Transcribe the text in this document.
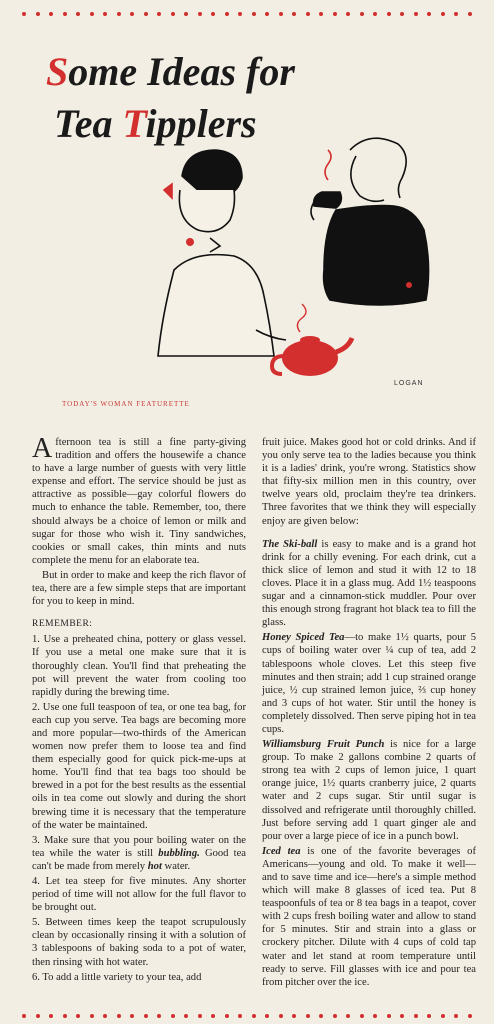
Some Ideas for
Tea Tipplers
LOGAN
TODAY'S WOMAN FEATURETTE

Afternoon tea is still a fine party-giving tradition and offers the housewife a chance to have a large number of guests with very little expense and effort. The service should be just as attractive as possible—gay colorful flowers do much to enhance the table. Remember, too, there should always be a choice of lemon or milk and sugar for those who wish it. Tiny sandwiches, cookies or small cakes, thin mints and nuts complete the menu for an elaborate tea.

But in order to make and keep the rich flavor of tea, there are a few simple steps that are important for you to keep in mind.

REMEMBER:

1. Use a preheated china, pottery or glass vessel. If you use a metal one make sure that it is thoroughly clean. You'll find that preheating the pot will prevent the water from cooling too rapidly during the brewing time.

2. Use one full teaspoon of tea, or one tea bag, for each cup you serve. Tea bags are becoming more and more popular—two-thirds of the American women now prefer them to loose tea and find them especially good for quick pick-me-ups at home. You'll find that tea bags too should be brewed in a pot for the best results as the essential oils in tea come out slowly and during the short brewing time it is necessary that the temperature of the water be maintained.

3. Make sure that you pour boiling water on the tea while the water is still bubbling. Good tea can't be made from merely hot water.

4. Let tea steep for five minutes. Any shorter period of time will not allow for the full flavor to be brought out.

5. Between times keep the teapot scrupulously clean by occasionally rinsing it with a solution of 3 tablespoons of baking soda to a pot of water, then rinsing with hot water.

6. To add a little variety to your tea, add

fruit juice. Makes good hot or cold drinks. And if you only serve tea to the ladies because you think it is a ladies' drink, you're wrong. Statistics show that fifty-six million men in this country, over twelve years old, proclaim they're tea drinkers. Three favorites that we think they will especially enjoy are given below:

The Ski-ball is easy to make and is a grand hot drink for a chilly evening. For each drink, cut a thick slice of lemon and stud it with 12 to 18 cloves. Place it in a glass mug. Add 1½ teaspoons sugar and a cinnamon-stick muddler. Pour over this enough strong fragrant hot black tea to fill the glass.

Honey Spiced Tea—to make 1½ quarts, pour 5 cups of boiling water over ¼ cup of tea, add 2 tablespoons whole cloves. Let this steep five minutes and then strain; add 1 cup strained orange juice, ½ cup strained lemon juice, ⅔ cup honey and 3 cups of hot water. Stir until the honey is completely dissolved. Then serve piping hot in tea cups.

Williamsburg Fruit Punch is nice for a large group. To make 2 gallons combine 2 quarts of strong tea with 2 cups of lemon juice, 1 quart orange juice, 1½ quarts cranberry juice, 2 quarts water and 2 cups sugar. Stir until sugar is dissolved and refrigerate until thoroughly chilled. Just before serving add 1 quart ginger ale and pour over a large piece of ice in a punch bowl.

Iced tea is one of the favorite beverages of Americans—young and old. To make it well—and to save time and ice—here's a simple method which will make 8 glasses of iced tea. Put 8 teaspoonfuls of tea or 8 tea bags in a teapot, cover with 2 cups fresh boiling water and allow to stand for 5 minutes. Stir and strain into a glass or crockery pitcher. Dilute with 4 cups of cold tap water and let stand at room temperature until ready to serve. Fill glasses with ice and pour tea from pitcher over the ice.
